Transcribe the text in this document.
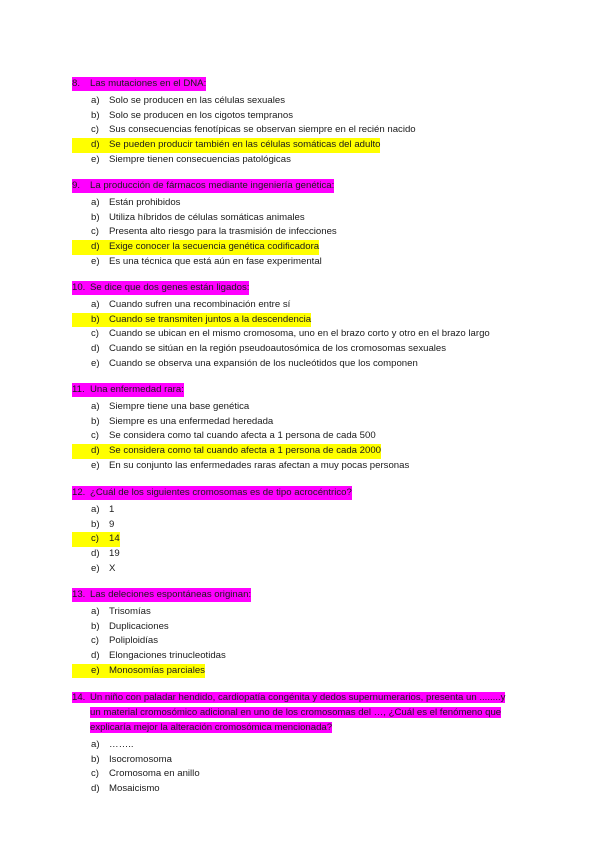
8. Las mutaciones en el DNA:
a) Solo se producen en las células sexuales
b) Solo se producen en los cigotos tempranos
c)	Sus consecuencias fenotípicas se observan siempre en el recién nacido
d) Se pueden producir también en las células somáticas del adulto
e) Siempre tienen consecuencias patológicas
9. La producción de fármacos mediante ingeniería genética:
a) Están prohibidos
b) Utiliza híbridos de células somáticas animales
c)	Presenta alto riesgo para la trasmisión de infecciones
d) Exige conocer la secuencia genética codificadora
e) Es una técnica que está aún en fase experimental
10. Se dice que dos genes están ligados:
a) Cuando sufren una recombinación entre sí
b) Cuando se transmiten juntos a la descendencia
c)	Cuando se ubican en el mismo cromosoma, uno en el brazo corto y otro en el brazo largo
d) Cuando se sitúan en la región pseudoautosómica de los cromosomas sexuales
e) Cuando se observa una expansión de los nucleótidos que los componen
11. Una enfermedad rara:
a) Siempre tiene una base genética
b) Siempre es una enfermedad heredada
c)	Se considera como tal cuando afecta a 1 persona de cada 500
d) Se considera como tal cuando afecta a 1 persona de cada 2000
e) En su conjunto las enfermedades raras afectan a muy pocas personas
12. ¿Cuál de los siguientes cromosomas es de tipo acrocéntrico?
a) 1
b) 9
c) 14
d) 19
e) X
13. Las deleciones espontáneas originan:
a) Trisomías
b) Duplicaciones
c)	Poliploidías
d) Elongaciones trinucleotidas
e) Monosomías parciales
14. Un niño con paladar hendido, cardiopatía congénita y dedos supernumerarios, presenta un ........y
un material cromosómico adicional en uno de los cromosomas del …, ¿Cuál es el fenómeno que
explicaría mejor la alteración cromosómica mencionada?
a) ……..
b) Isocromosoma
c)	Cromosoma en anillo
d) Mosaicismo
